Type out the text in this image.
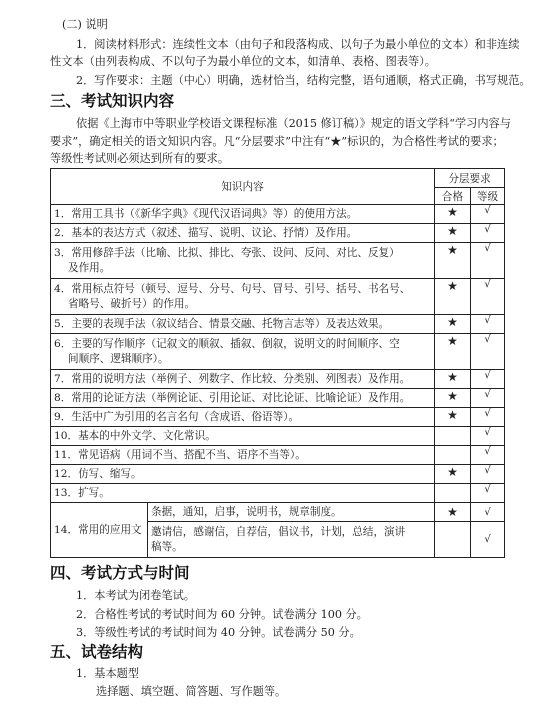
(二) 说明
1．阅读材料形式：连续性文本（由句子和段落构成、以句子为最小单位的文本）和非连续
性文本（由列表构成、不以句子为最小单位的文本，如清单、表格、图表等）。
2．写作要求：主题（中心）明确，选材恰当，结构完整，语句通顺，格式正确，书写规范。
三、考试知识内容
依据《上海市中等职业学校语文课程标准（2015 修订稿）》规定的语文学科“学习内容与
要求”，确定相关的语文知识内容。凡“分层要求”中注有“★”标识的，为合格性考试的要求；
等级性考试则必须达到所有的要求。
知识内容		分层要求	
		合格	等级
1．常用工具书（《新华字典》《现代汉语词典》等）的使用方法。		★	√
2．基本的表达方式（叙述、描写、说明、议论、抒情）及作用。		★	√
3．常用修辞手法（比喻、比拟、排比、夸张、设问、反问、对比、反复）
及作用。		★	√
4．常用标点符号（顿号、逗号、分号、句号、冒号、引号、括号、书名号、
省略号、破折号）的作用。		★	√
5．主要的表现手法（叙议结合、情景交融、托物言志等）及表达效果。		★	√
6．主要的写作顺序（记叙文的顺叙、插叙、倒叙，说明文的时间顺序、空
间顺序、逻辑顺序）。		★	√
7．常用的说明方法（举例子、列数字、作比较、分类别、列图表）及作用。		★	√
8．常用的论证方法（举例论证、引用论证、对比论证、比喻论证）及作用。		★	√
9．生活中广为引用的名言名句（含成语、俗语等）。		★	√
10．基本的中外文学、文化常识。			√
11．常见语病（用词不当、搭配不当、语序不当等）。			√
12．仿写、缩写。		★	√
13．扩写。			√
14．常用的应用文	条据，通知，启事，说明书，规章制度。	★	√
	邀请信，感谢信，自荐信，倡议书，计划，总结，演讲
稿等。		√
四、考试方式与时间
1．本考试为闭卷笔试。
2．合格性考试的考试时间为 60 分钟。试卷满分 100 分。
3．等级性考试的考试时间为 40 分钟。试卷满分 50 分。
五、试卷结构
1．基本题型
选择题、填空题、简答题、写作题等。
